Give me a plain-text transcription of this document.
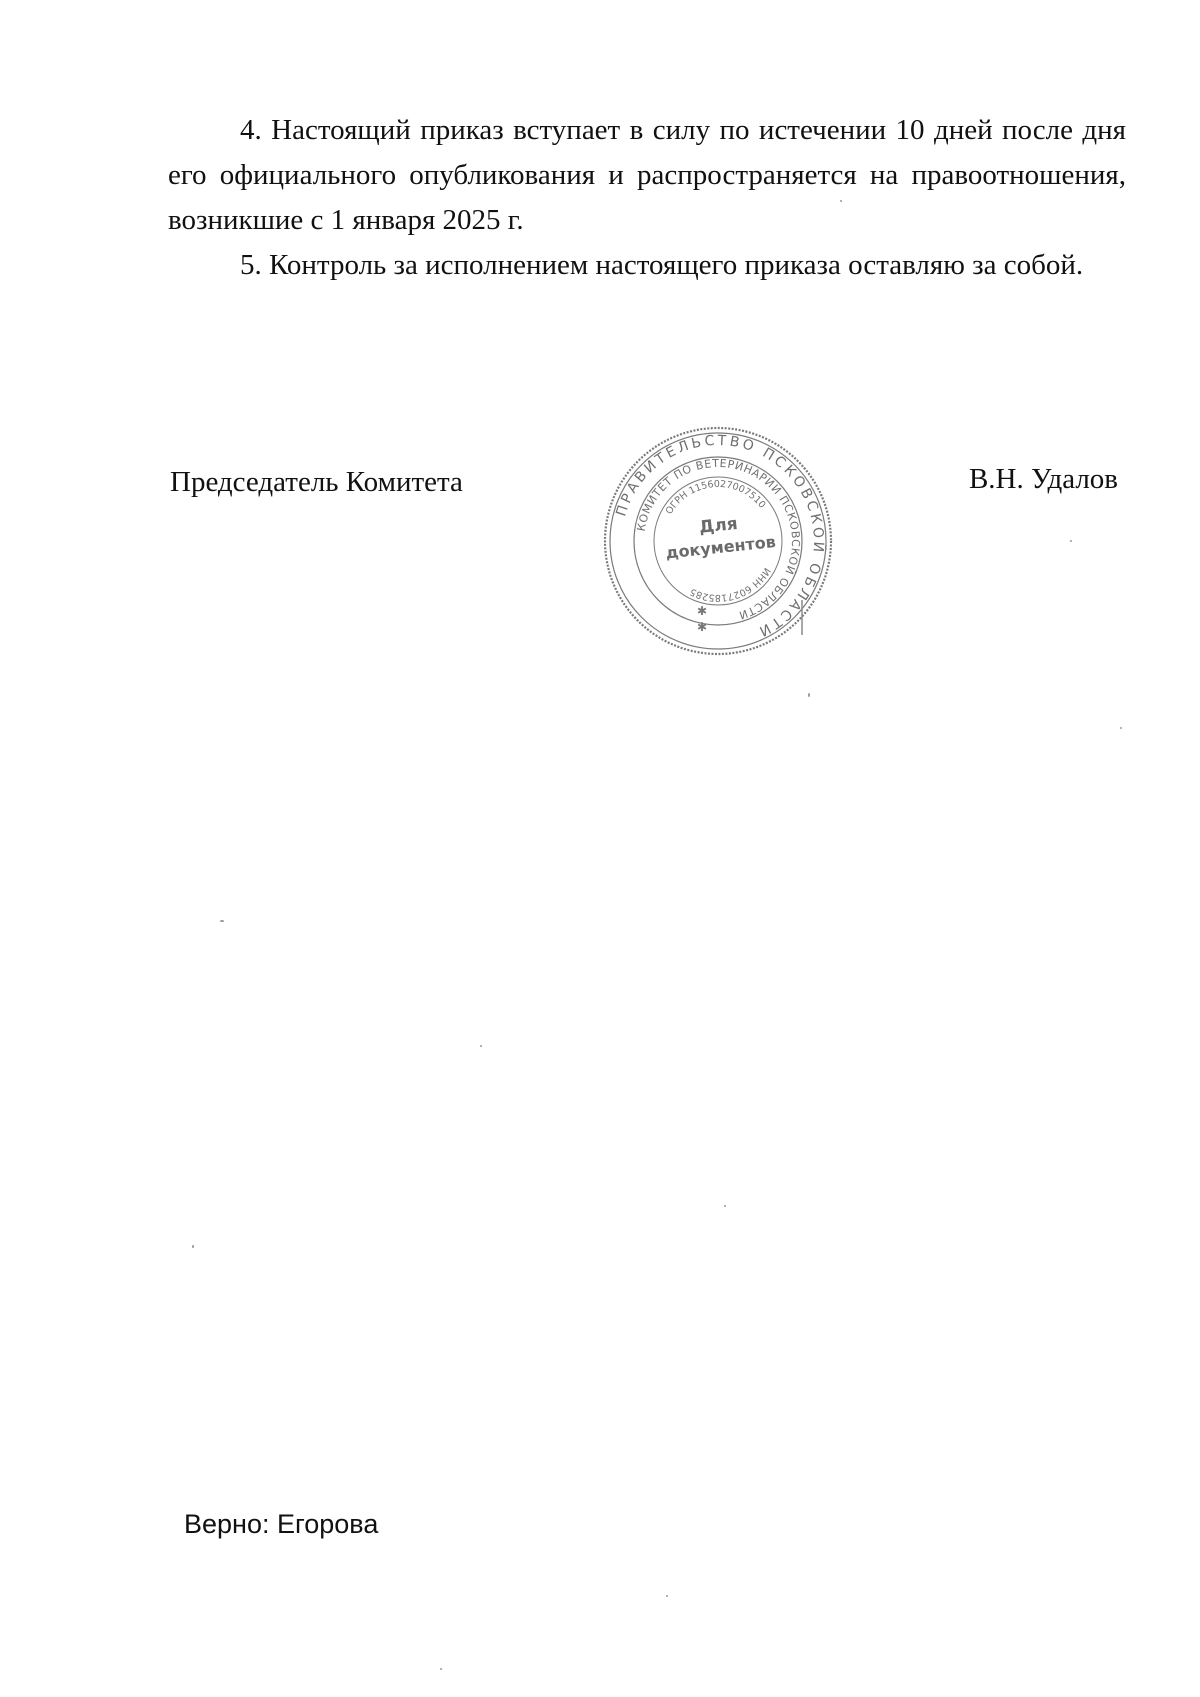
4. Настоящий приказ вступает в силу по истечении 10 дней после дня его официального опубликования и распространяется на правоотношения, возникшие с 1 января 2025 г.

5. Контроль за исполнением настоящего приказа оставляю за собой.

Председатель Комитета
ПРАВИТЕЛЬСТВО ПСКОВСКОЙ ОБЛАСТИ
КОМИТЕТ ПО ВЕТЕРИНАРИИ ПСКОВСКОЙ ОБЛАСТИ
ИНН 6027185285
ОГРН 1156027007510
Для
документов
✱
✱
В.Н. Удалов
Верно: Егорова
